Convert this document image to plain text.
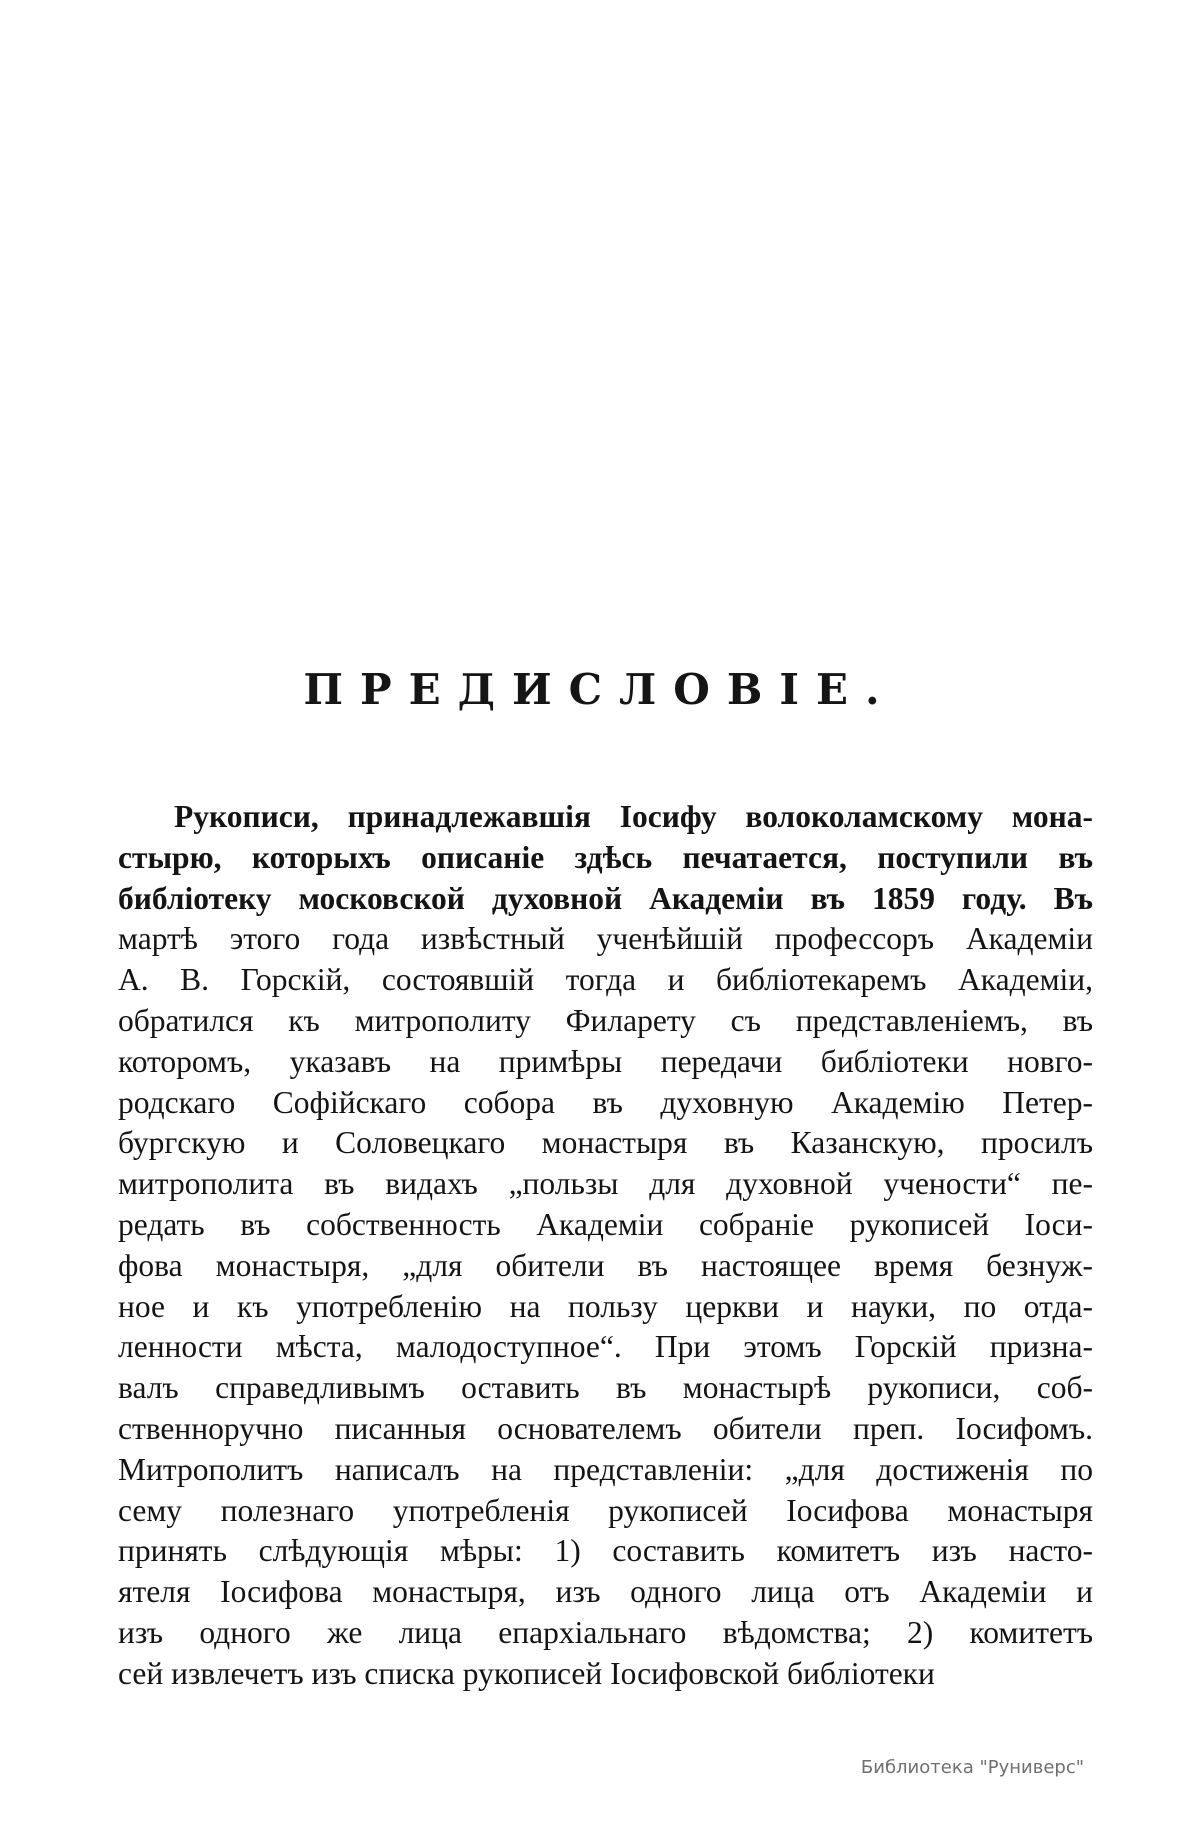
ПРЕДИСЛОВІЕ.
Рукописи, принадлежавшія Іосифу волоколамскому мона-
стырю, которыхъ описаніе здѣсь печатается, поступили въ
библіотеку московской духовной Академіи въ 1859 году. Въ
мартѣ этого года извѣстный ученѣйшій профессоръ Академіи
А. В. Горскій, состоявшій тогда и библіотекаремъ Академіи,
обратился къ митрополиту Филарету съ представленіемъ, въ
которомъ, указавъ на примѣры передачи библіотеки новго-
родскаго Софійскаго собора въ духовную Академію Петер-
бургскую и Соловецкаго монастыря въ Казанскую, просилъ
митрополита въ видахъ „пользы для духовной учености“ пе-
редать въ собственность Академіи собраніе рукописей Іоси-
фова монастыря, „для обители въ настоящее время безнуж-
ное и къ употребленію на пользу церкви и науки, по отда-
ленности мѣста, малодоступное“. При этомъ Горскій призна-
валъ справедливымъ оставить въ монастырѣ рукописи, соб-
ственноручно писанныя основателемъ обители преп. Іосифомъ.
Митрополитъ написалъ на представленіи: „для достиженія по
сему полезнаго употребленія рукописей Іосифова монастыря
принять слѣдующія мѣры: 1) составить комитетъ изъ насто-
ятеля Іосифова монастыря, изъ одного лица отъ Академіи и
изъ одного же лица епархіальнаго вѣдомства; 2) комитетъ
сей извлечетъ изъ списка рукописей Іосифовской библіотеки
Библиотека "Руниверс"
